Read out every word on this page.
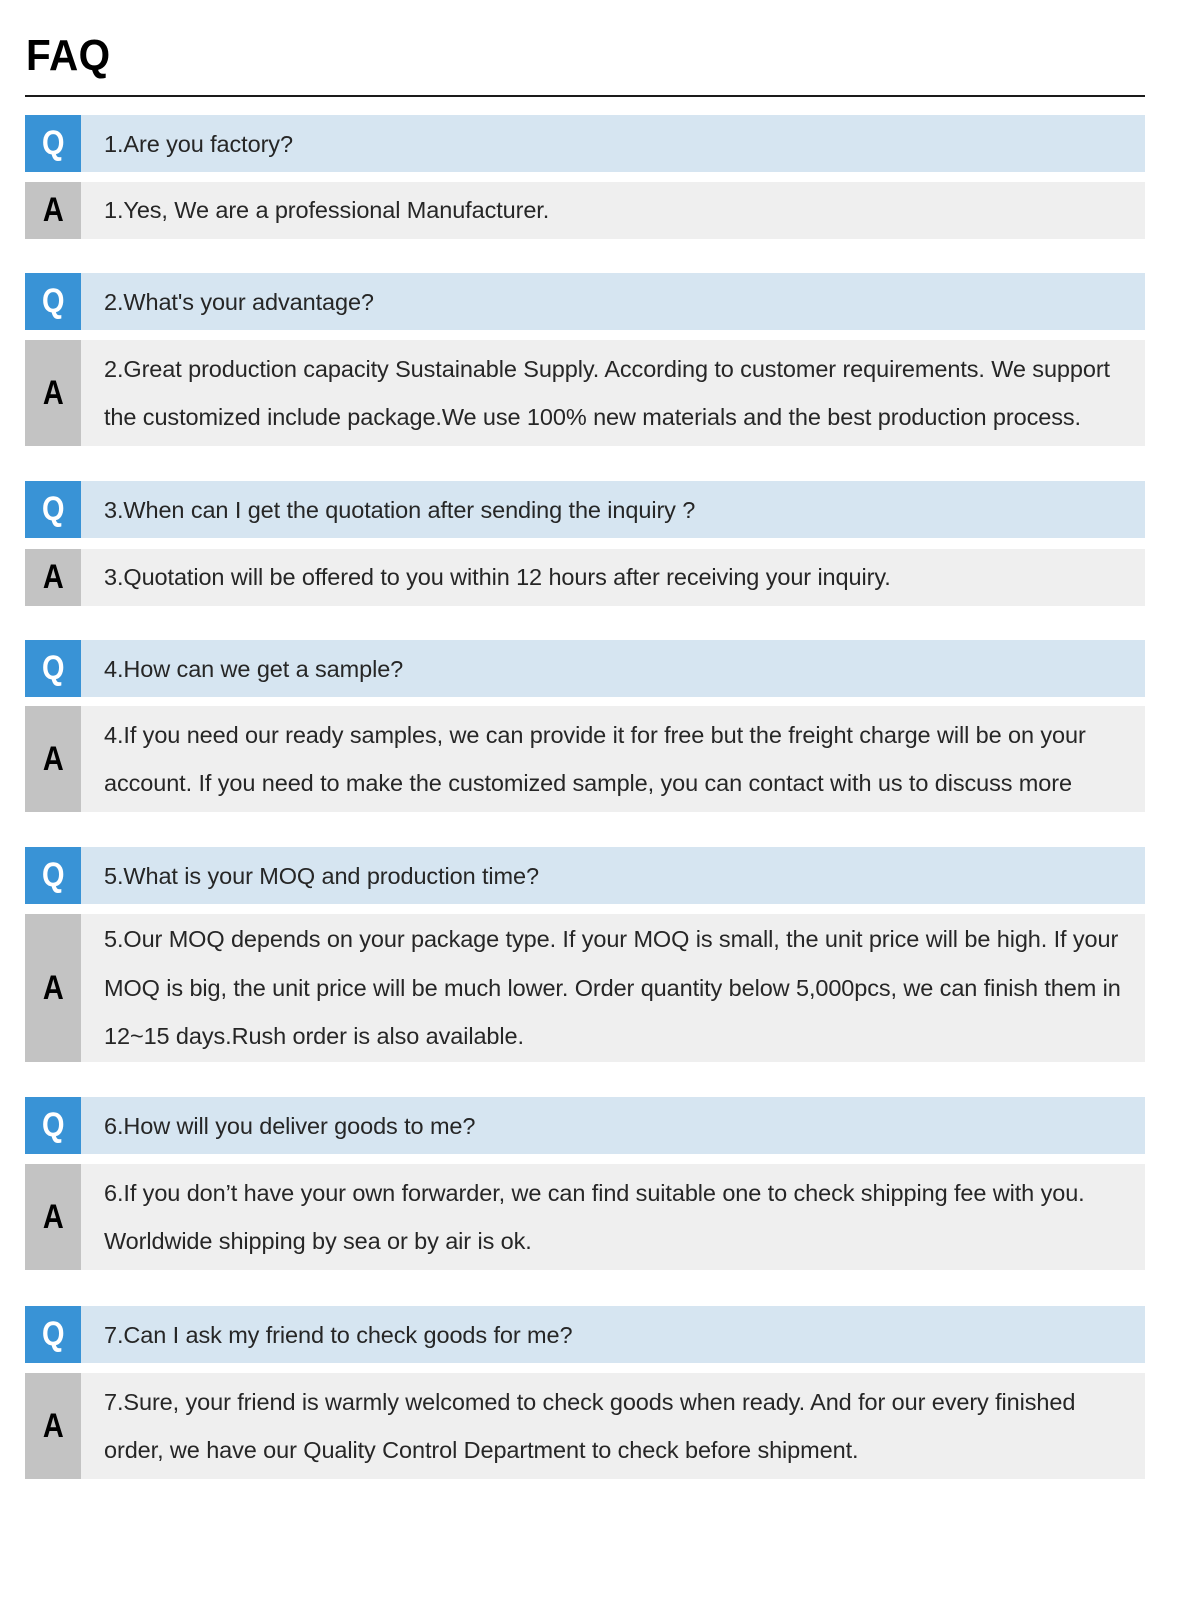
FAQ
Q	1.Are you factory?
A	1.Yes, We are a professional Manufacturer.
Q	2.What's your advantage?
A
2.Great production capacity Sustainable Supply. According to customer requirements. We support the customized include package.We use 100% new materials and the best production process.
Q	3.When can I get the quotation after sending the inquiry ?
A	3.Quotation will be offered to you within 12 hours after receiving your inquiry.
Q	4.How can we get a sample?
A
4.If you need our ready samples, we can provide it for free but the freight charge will be on your account. If you need to make the customized sample, you can contact with us to discuss more
Q	5.What is your MOQ and production time?
A
5.Our MOQ depends on your package type. If your MOQ is small, the unit price will be high. If your MOQ is big, the unit price will be much lower. Order quantity below 5,000pcs, we can finish them in 12~15 days.Rush order is also available.
Q	6.How will you deliver goods to me?
A
6.If you don’t have your own forwarder, we can find suitable one to check shipping fee with you. Worldwide shipping by sea or by air is ok.
Q	7.Can I ask my friend to check goods for me?
A
7.Sure, your friend is warmly welcomed to check goods when ready. And for our every finished order, we have our Quality Control Department to check before shipment.
